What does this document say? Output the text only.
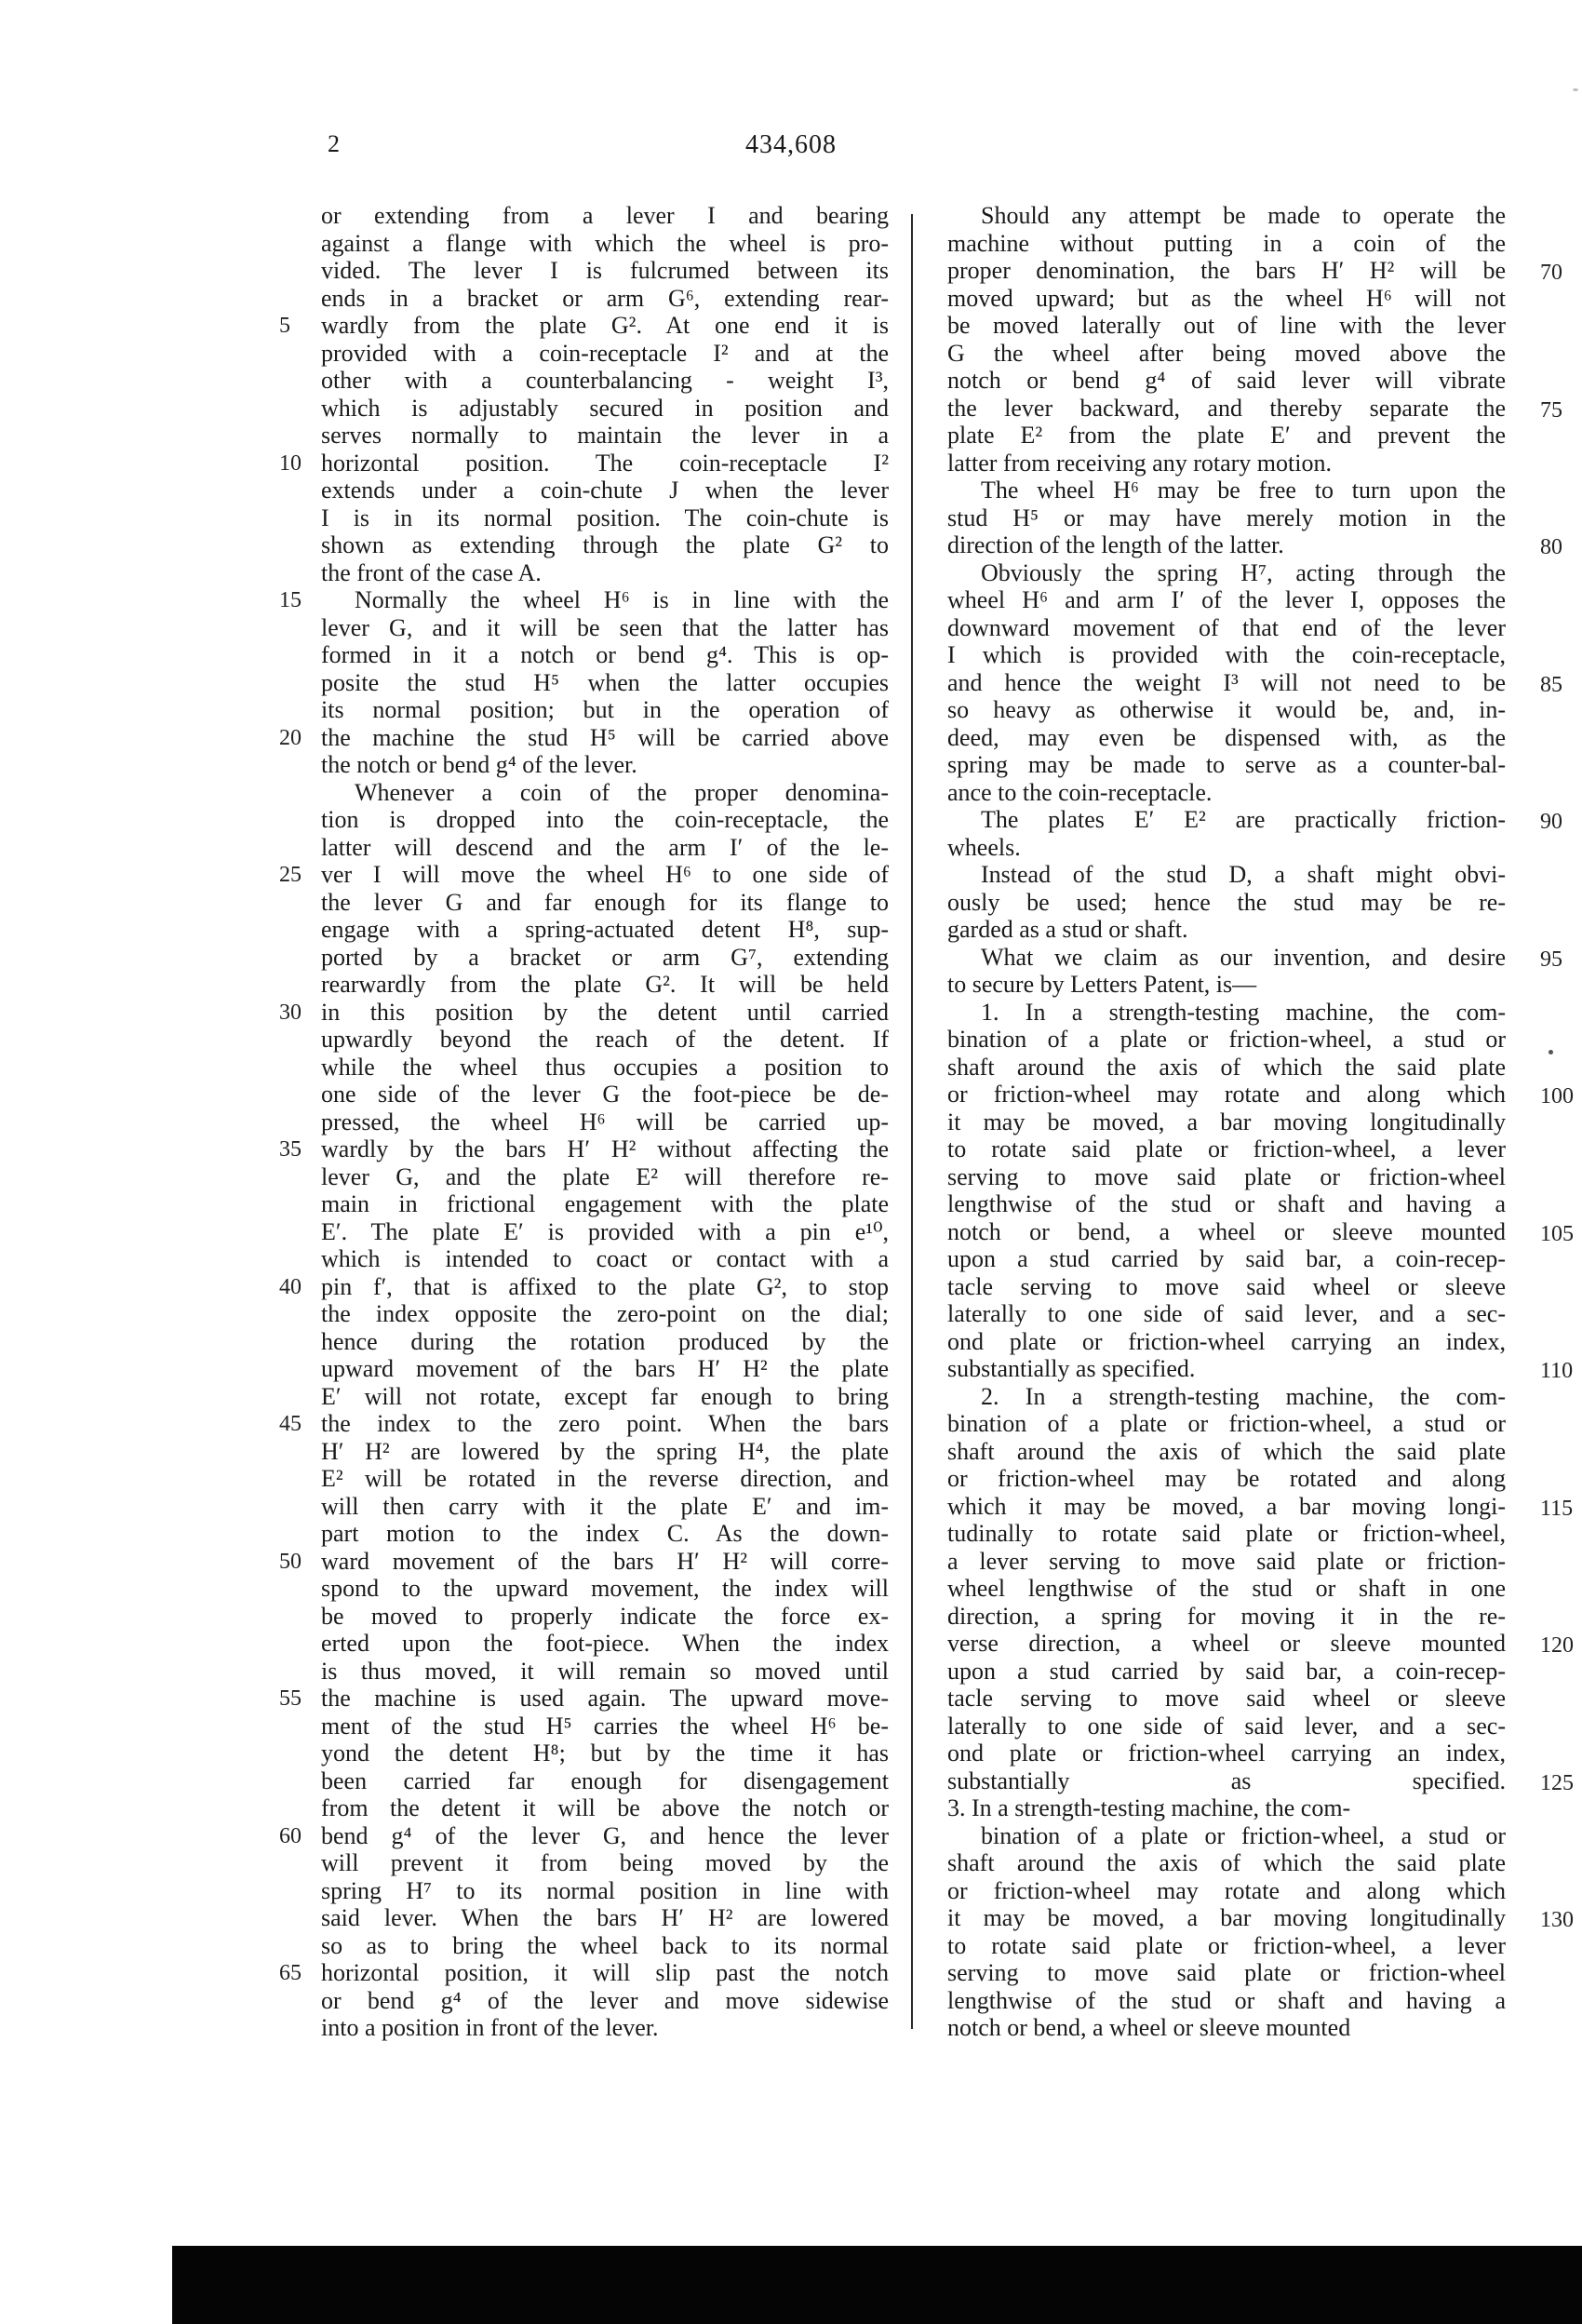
2	434,608
or extending from a lever I and bearing
against a flange with which the wheel is pro-
vided. The lever I is fulcrumed between its
ends in a bracket or arm G⁶, extending rear-
wardly from the plate G². At one end it is
provided with a coin-receptacle I² and at the
other with a counterbalancing - weight I³,
which is adjustably secured in position and
serves normally to maintain the lever in a
horizontal position. The coin-receptacle I²
extends under a coin-chute J when the lever
I is in its normal position. The coin-chute is
shown as extending through the plate G² to
the front of the case A.
Normally the wheel H⁶ is in line with the
lever G, and it will be seen that the latter has
formed in it a notch or bend g⁴. This is op-
posite the stud H⁵ when the latter occupies
its normal position; but in the operation of
the machine the stud H⁵ will be carried above
the notch or bend g⁴ of the lever.
Whenever a coin of the proper denomina-
tion is dropped into the coin-receptacle, the
latter will descend and the arm I′ of the le-
ver I will move the wheel H⁶ to one side of
the lever G and far enough for its flange to
engage with a spring-actuated detent H⁸, sup-
ported by a bracket or arm G⁷, extending
rearwardly from the plate G². It will be held
in this position by the detent until carried
upwardly beyond the reach of the detent. If
while the wheel thus occupies a position to
one side of the lever G the foot-piece be de-
pressed, the wheel H⁶ will be carried up-
wardly by the bars H′ H² without affecting the
lever G, and the plate E² will therefore re-
main in frictional engagement with the plate
E′. The plate E′ is provided with a pin e¹⁰,
which is intended to coact or contact with a
pin f′, that is affixed to the plate G², to stop
the index opposite the zero-point on the dial;
hence during the rotation produced by the
upward movement of the bars H′ H² the plate
E′ will not rotate, except far enough to bring
the index to the zero point. When the bars
H′ H² are lowered by the spring H⁴, the plate
E² will be rotated in the reverse direction, and
will then carry with it the plate E′ and im-
part motion to the index C. As the down-
ward movement of the bars H′ H² will corre-
spond to the upward movement, the index will
be moved to properly indicate the force ex-
erted upon the foot-piece. When the index
is thus moved, it will remain so moved until
the machine is used again. The upward move-
ment of the stud H⁵ carries the wheel H⁶ be-
yond the detent H⁸; but by the time it has
been carried far enough for disengagement
from the detent it will be above the notch or
bend g⁴ of the lever G, and hence the lever
will prevent it from being moved by the
spring H⁷ to its normal position in line with
said lever. When the bars H′ H² are lowered
so as to bring the wheel back to its normal
horizontal position, it will slip past the notch
or bend g⁴ of the lever and move sidewise
into a position in front of the lever.
Should any attempt be made to operate the
machine without putting in a coin of the
proper denomination, the bars H′ H² will be
moved upward; but as the wheel H⁶ will not
be moved laterally out of line with the lever
G the wheel after being moved above the
notch or bend g⁴ of said lever will vibrate
the lever backward, and thereby separate the
plate E² from the plate E′ and prevent the
latter from receiving any rotary motion.
The wheel H⁶ may be free to turn upon the
stud H⁵ or may have merely motion in the
direction of the length of the latter.
Obviously the spring H⁷, acting through the
wheel H⁶ and arm I′ of the lever I, opposes the
downward movement of that end of the lever
I which is provided with the coin-receptacle,
and hence the weight I³ will not need to be
so heavy as otherwise it would be, and, in-
deed, may even be dispensed with, as the
spring may be made to serve as a counter-bal-
ance to the coin-receptacle.
The plates E′ E² are practically friction-
wheels.
Instead of the stud D, a shaft might obvi-
ously be used; hence the stud may be re-
garded as a stud or shaft.
What we claim as our invention, and desire
to secure by Letters Patent, is—
1. In a strength-testing machine, the com-
bination of a plate or friction-wheel, a stud or
shaft around the axis of which the said plate
or friction-wheel may rotate and along which
it may be moved, a bar moving longitudinally
to rotate said plate or friction-wheel, a lever
serving to move said plate or friction-wheel
lengthwise of the stud or shaft and having a
notch or bend, a wheel or sleeve mounted
upon a stud carried by said bar, a coin-recep-
tacle serving to move said wheel or sleeve
laterally to one side of said lever, and a sec-
ond plate or friction-wheel carrying an index,
substantially as specified.
2. In a strength-testing machine, the com-
bination of a plate or friction-wheel, a stud or
shaft around the axis of which the said plate
or friction-wheel may be rotated and along
which it may be moved, a bar moving longi-
tudinally to rotate said plate or friction-wheel,
a lever serving to move said plate or friction-
wheel lengthwise of the stud or shaft in one
direction, a spring for moving it in the re-
verse direction, a wheel or sleeve mounted
upon a stud carried by said bar, a coin-recep-
tacle serving to move said wheel or sleeve
laterally to one side of said lever, and a sec-
ond plate or friction-wheel carrying an index,
substantially as specified.
3. In a strength-testing machine, the com-
bination of a plate or friction-wheel, a stud or
shaft around the axis of which the said plate
or friction-wheel may rotate and along which
it may be moved, a bar moving longitudinally
to rotate said plate or friction-wheel, a lever
serving to move said plate or friction-wheel
lengthwise of the stud or shaft and having a
notch or bend, a wheel or sleeve mounted
5
10
15
20
25
30
35
40
45
50
55
60
65
70
75
80
85
90
95
100
105
110
115
120
125
130
